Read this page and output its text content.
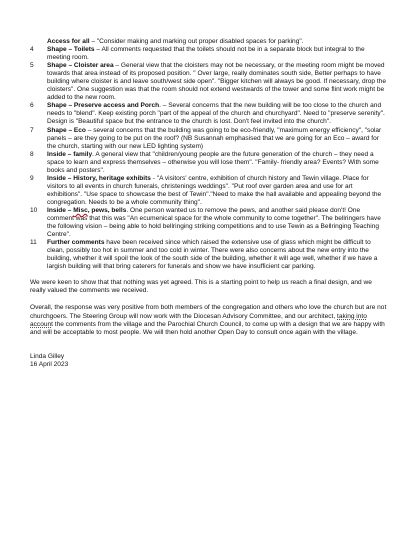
Access for all – "Consider making and marking out proper disabled spaces for parking".

4	Shape – Toilets – All comments requested that the toilets should not be in a separate block but integral to the meeting room.
5	Shape – Cloister area – General view that the cloisters may not be necessary, or the meeting room might be moved towards that area instead of its proposed position. " Over large, really dominates south side, Better perhaps to have building where cloister is and leave south/west side open". "Bigger kitchen will always be good. If necessary, drop the cloisters". One suggestion was that the room should not extend westwards of the tower and some flint work might be added to the new room.
6	Shape – Preserve access and Porch. – Several concerns that the new building will be too close to the church and needs to "blend". Keep existing porch "part of the appeal of the church and churchyard". Need to "preserve serenity". Design is "Beautiful space but the entrance to the church is lost. Don't feel invited into the church".
7	Shape – Eco – several concerns that the building was going to be eco-friendly, "maximum energy efficiency", "solar panels – are they going to be put on the roof? (NB Susannah emphasised that we are going for an Eco – award for the church, starting with our new LED lighting system)
8	Inside – family. A general view that "children/young people are the future generation of the church – they need a space to learn and express themselves – otherwise you will lose them". "Family- friendly area? Events? With some books and posters".
9	Inside – History, heritage exhibits - "A visitors' centre, exhibition of church history and Tewin village. Place for visitors to all events in church funerals, christenings weddings". "Put roof over garden area and use for art exhibitions". "Use space to showcase the best of Tewin"."Need to make the hall available and appealing beyond the congregation. Needs to be a whole community thing".
10	Inside – Misc, pews, bells. One person wanted us to remove the pews, and another said please don't! One comment was that this was "An ecumenical space for the whole community to come together". The bellringers have the following vision – being able to hold bellringing striking competitions and to use Tewin as a Bellringing Teaching Centre".
11	Further comments have been received since which raised the extensive use of glass which might be difficult to clean, possibly too hot in summer and too cold in winter. There were also concerns about the new entry into the building, whether it will spoil the look of the south side of the building, whether it will age well, whether if we have a largish building will that bring caterers for funerals and show we have insufficient car parking.

We were keen to show that that nothing was yet agreed. This is a starting point to help us reach a final design, and we really valued the comments we received.

Overall, the response was very positive from both members of the congregation and others who love the church but are not churchgoers. The Steering Group will now work with the Diocesan Advisory Committee, and our architect, taking into account the comments from the village and the Parochial Church Council, to come up with a design that we are happy with and will be acceptable to most people. We will then hold another Open Day to consult once again with the village.

Linda Gilley

16 April 2023
